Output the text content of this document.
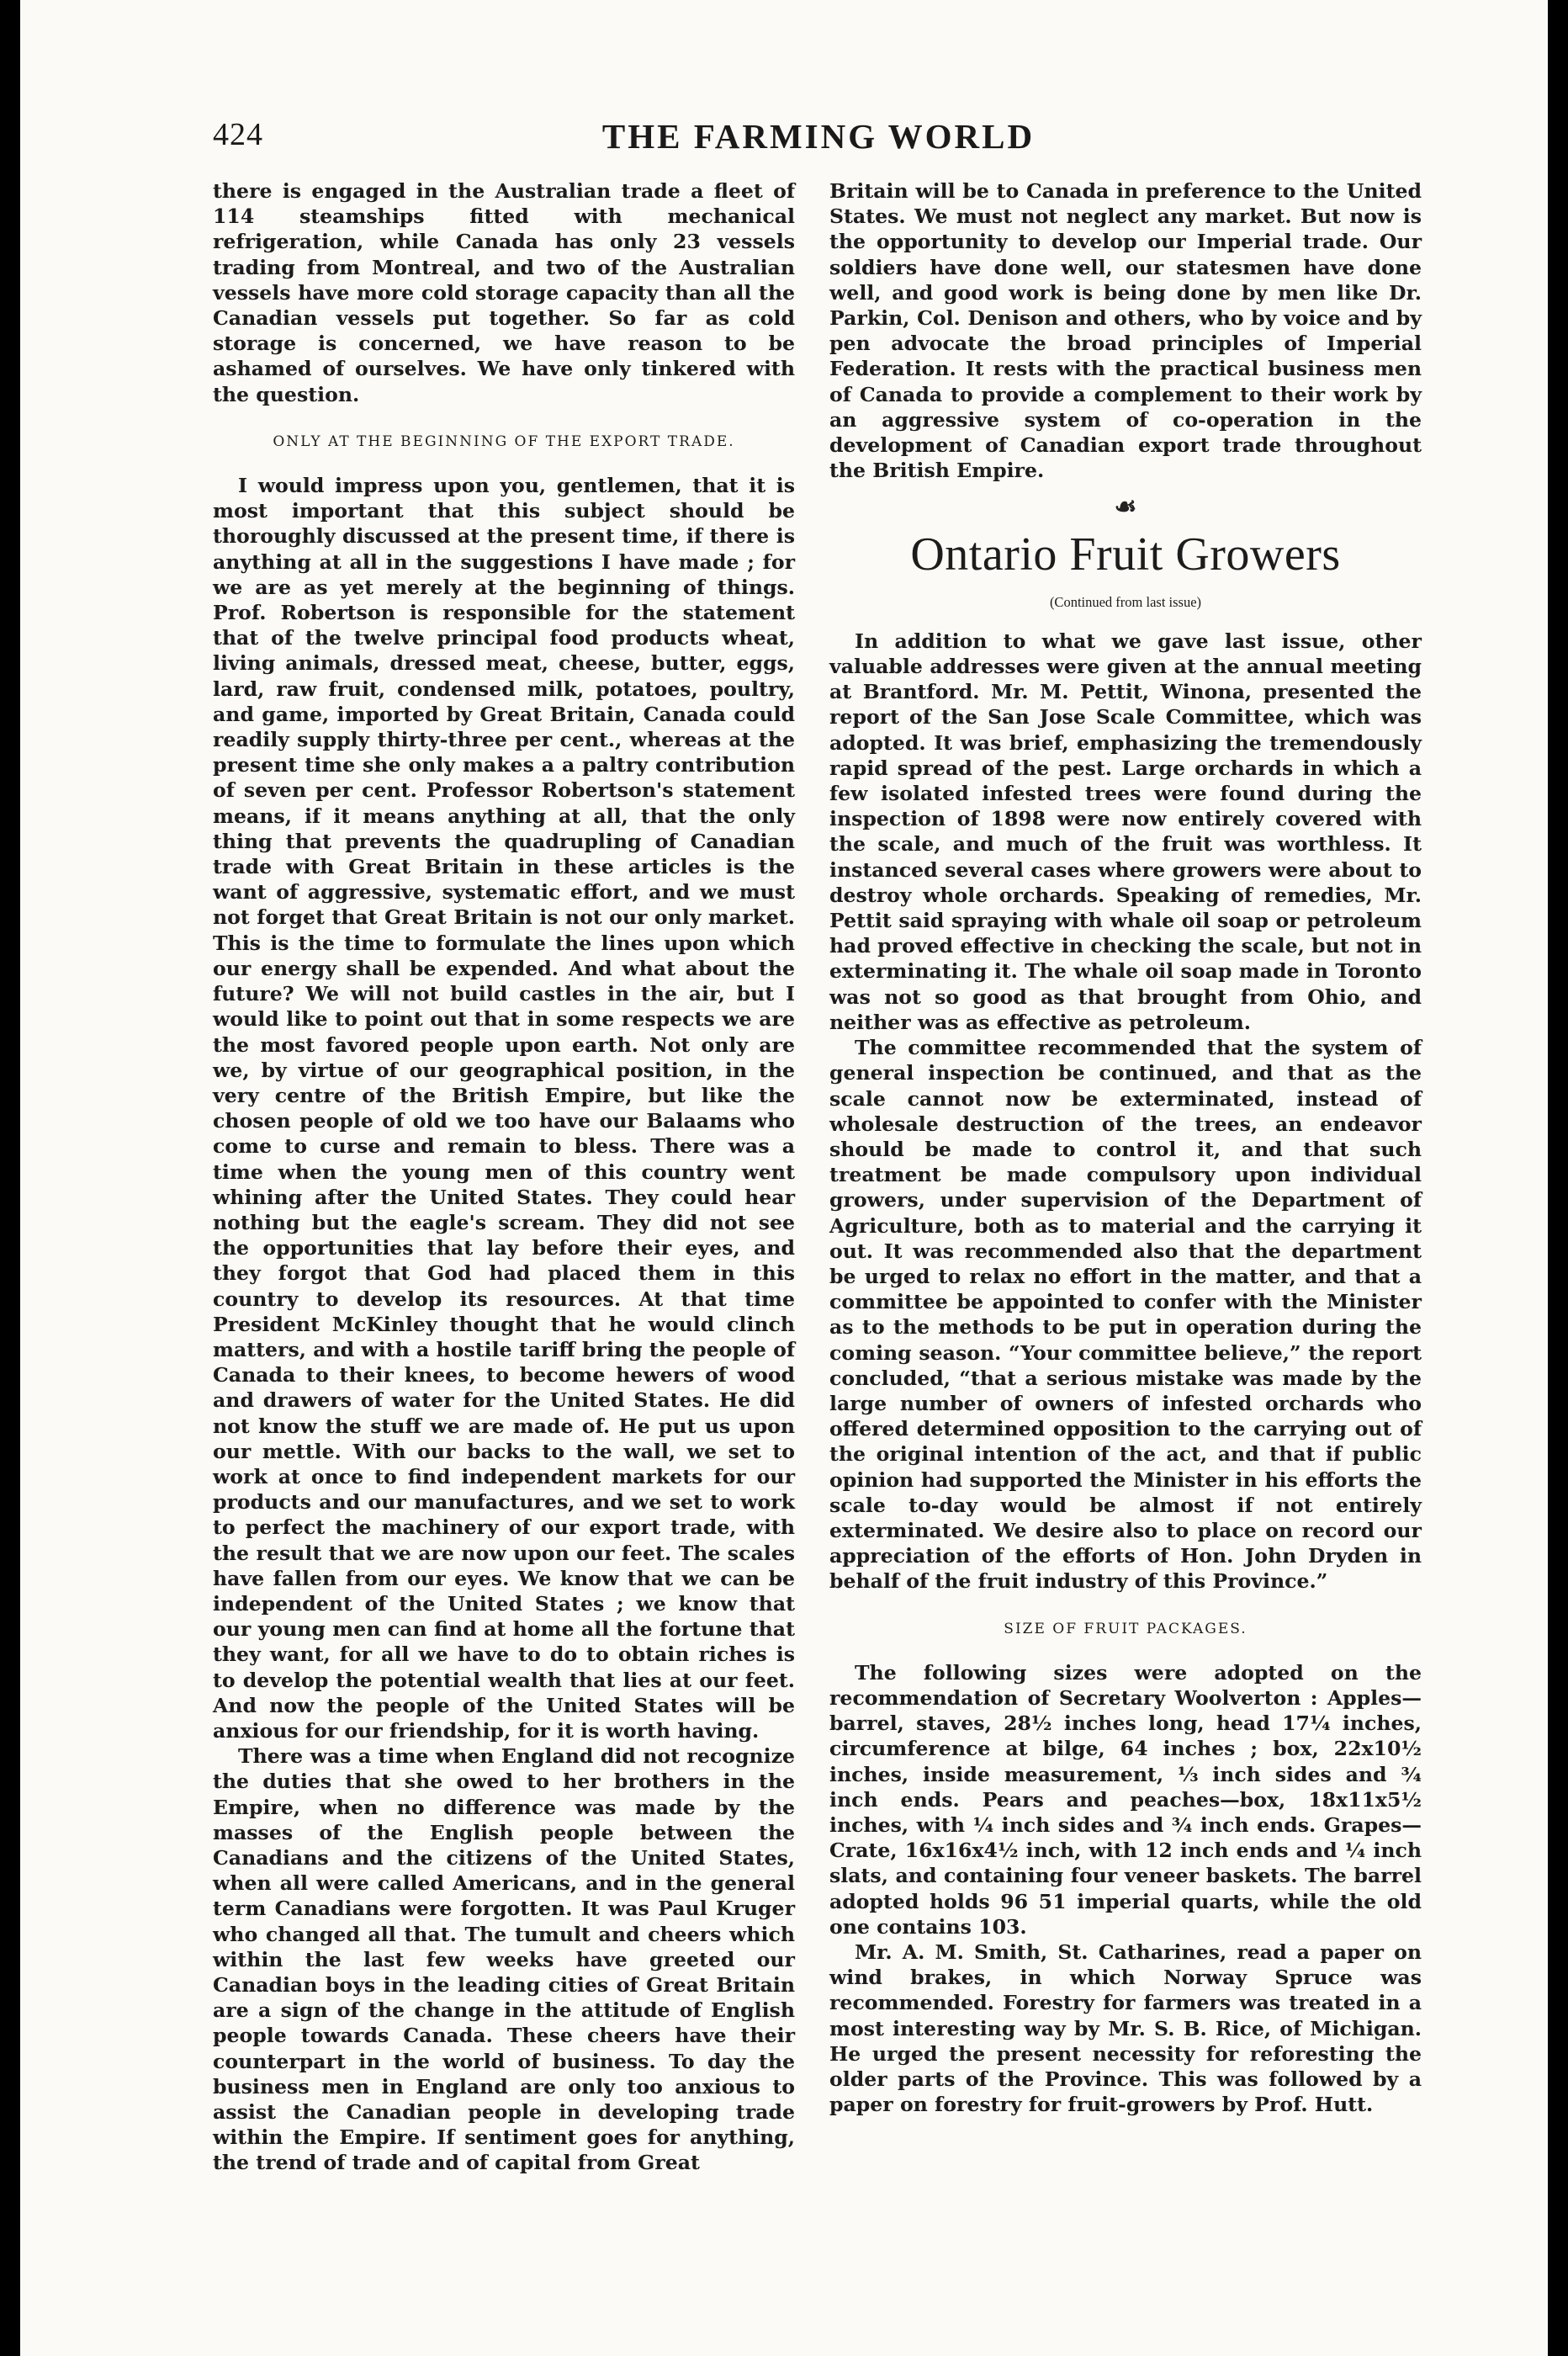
424	THE FARMING WORLD

there is engaged in the Australian trade a fleet of 114 steamships fitted with mechanical refrigeration, while Canada has only 23 vessels trading from Montreal, and two of the Australian vessels have more cold storage capacity than all the Canadian vessels put together. So far as cold storage is concerned, we have reason to be ashamed of ourselves. We have only tinkered with the question.

ONLY AT THE BEGINNING OF THE EXPORT TRADE.

I would impress upon you, gentlemen, that it is most important that this subject should be thoroughly discussed at the present time, if there is anything at all in the suggestions I have made ; for we are as yet merely at the beginning of things. Prof. Robertson is responsible for the statement that of the twelve principal food products wheat, living animals, dressed meat, cheese, butter, eggs, lard, raw fruit, condensed milk, potatoes, poultry, and game, imported by Great Britain, Canada could readily supply thirty-three per cent., whereas at the present time she only makes a a paltry contribution of seven per cent. Professor Robertson's statement means, if it means anything at all, that the only thing that prevents the quadrupling of Canadian trade with Great Britain in these articles is the want of aggressive, systematic effort, and we must not forget that Great Britain is not our only market. This is the time to formulate the lines upon which our energy shall be expended. And what about the future? We will not build castles in the air, but I would like to point out that in some respects we are the most favored people upon earth. Not only are we, by virtue of our geographical position, in the very centre of the British Empire, but like the chosen people of old we too have our Balaams who come to curse and remain to bless. There was a time when the young men of this country went whining after the United States. They could hear nothing but the eagle's scream. They did not see the opportunities that lay before their eyes, and they forgot that God had placed them in this country to develop its resources. At that time President McKinley thought that he would clinch matters, and with a hostile tariff bring the people of Canada to their knees, to become hewers of wood and drawers of water for the United States. He did not know the stuff we are made of. He put us upon our mettle. With our backs to the wall, we set to work at once to find independent markets for our products and our manufactures, and we set to work to perfect the machinery of our export trade, with the result that we are now upon our feet. The scales have fallen from our eyes. We know that we can be independent of the United States ; we know that our young men can find at home all the fortune that they want, for all we have to do to obtain riches is to develop the potential wealth that lies at our feet. And now the people of the United States will be anxious for our friendship, for it is worth having.

There was a time when England did not recognize the duties that she owed to her brothers in the Empire, when no difference was made by the masses of the English people between the Canadians and the citizens of the United States, when all were called Americans, and in the general term Canadians were forgotten. It was Paul Kruger who changed all that. The tumult and cheers which within the last few weeks have greeted our Canadian boys in the leading cities of Great Britain are a sign of the change in the attitude of English people towards Canada. These cheers have their counterpart in the world of business. To day the business men in England are only too anxious to assist the Canadian people in developing trade within the Empire. If sentiment goes for anything, the trend of trade and of capital from Great

Britain will be to Canada in preference to the United States. We must not neglect any market. But now is the opportunity to develop our Imperial trade. Our soldiers have done well, our statesmen have done well, and good work is being done by men like Dr. Parkin, Col. Denison and others, who by voice and by pen advocate the broad principles of Imperial Federation. It rests with the practical business men of Canada to provide a complement to their work by an aggressive system of co-operation in the development of Canadian export trade throughout the British Empire.

☙
Ontario Fruit Growers
(Continued from last issue)

In addition to what we gave last issue, other valuable addresses were given at the annual meeting at Brantford. Mr. M. Pettit, Winona, presented the report of the San Jose Scale Committee, which was adopted. It was brief, emphasizing the tremendously rapid spread of the pest. Large orchards in which a few isolated infested trees were found during the inspection of 1898 were now entirely covered with the scale, and much of the fruit was worthless. It instanced several cases where growers were about to destroy whole orchards. Speaking of remedies, Mr. Pettit said spraying with whale oil soap or petroleum had proved effective in checking the scale, but not in exterminating it. The whale oil soap made in Toronto was not so good as that brought from Ohio, and neither was as effective as petroleum.

The committee recommended that the system of general inspection be continued, and that as the scale cannot now be exterminated, instead of wholesale destruction of the trees, an endeavor should be made to control it, and that such treatment be made compulsory upon individual growers, under supervision of the Department of Agriculture, both as to material and the carrying it out. It was recommended also that the department be urged to relax no effort in the matter, and that a committee be appointed to confer with the Minister as to the methods to be put in operation during the coming season. “Your committee believe,” the report concluded, “that a serious mistake was made by the large number of owners of infested orchards who offered determined opposition to the carrying out of the original intention of the act, and that if public opinion had supported the Minister in his efforts the scale to-day would be almost if not entirely exterminated. We desire also to place on record our appreciation of the efforts of Hon. John Dryden in behalf of the fruit industry of this Province.”

SIZE OF FRUIT PACKAGES.

The following sizes were adopted on the recommendation of Secretary Woolverton : Apples—barrel, staves, 28½ inches long, head 17¼ inches, circumference at bilge, 64 inches ; box, 22x10½ inches, inside measurement, ⅓ inch sides and ¾ inch ends. Pears and peaches—box, 18x11x5½ inches, with ¼ inch sides and ¾ inch ends. Grapes—Crate, 16x16x4½ inch, with 12 inch ends and ¼ inch slats, and containing four veneer baskets. The barrel adopted holds 96 51 imperial quarts, while the old one contains 103.

Mr. A. M. Smith, St. Catharines, read a paper on wind brakes, in which Norway Spruce was recommended. Forestry for farmers was treated in a most interesting way by Mr. S. B. Rice, of Michigan. He urged the present necessity for reforesting the older parts of the Province. This was followed by a paper on forestry for fruit-growers by Prof. Hutt.
